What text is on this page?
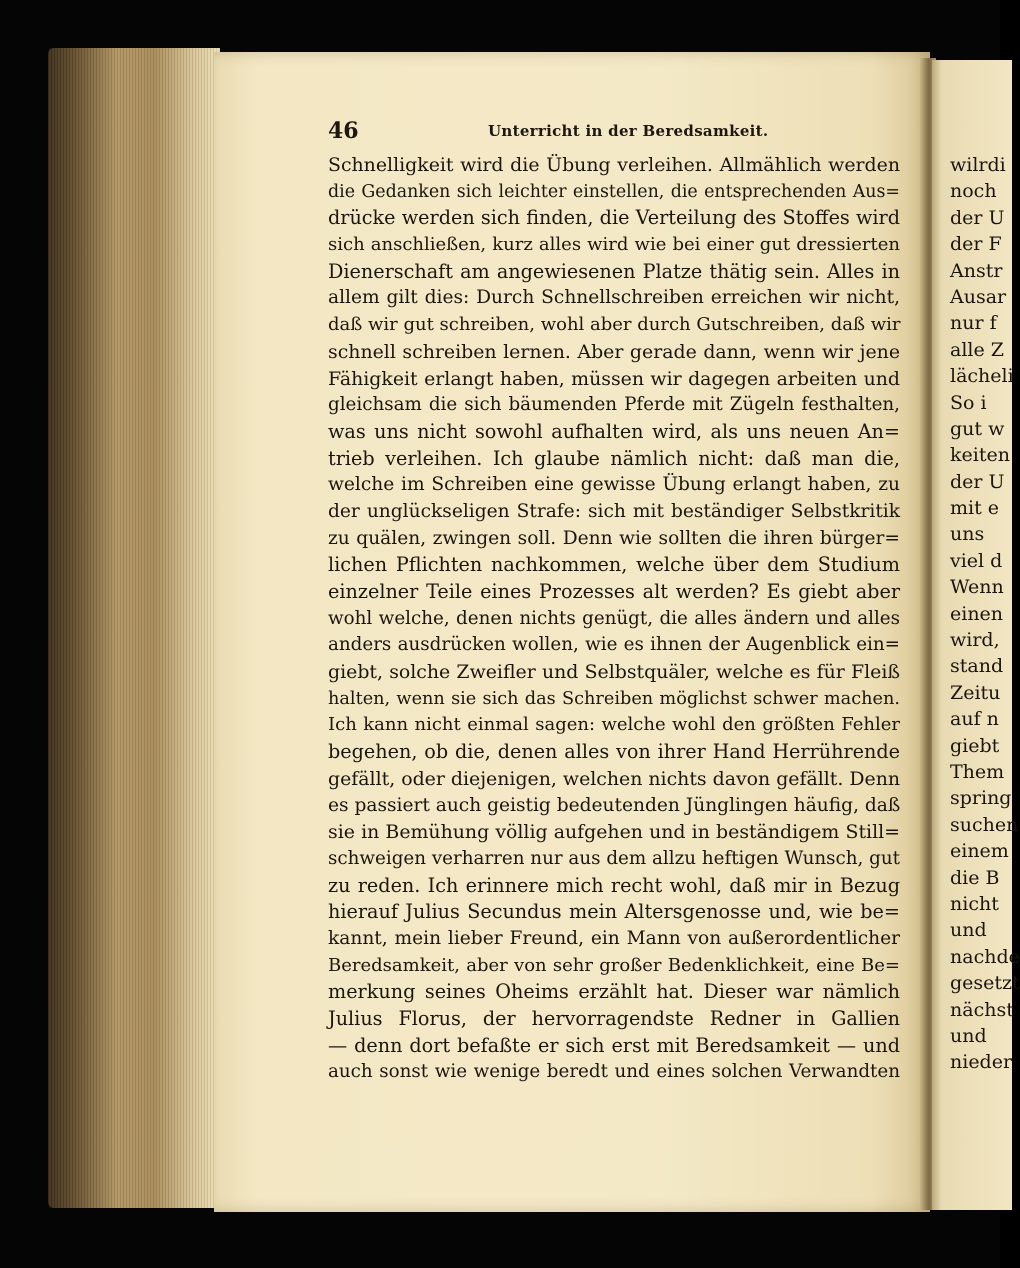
46	Unterricht in der Beredsamkeit.
Schnelligkeit wird die Übung verleihen. Allmählich werden
die Gedanken sich leichter einstellen, die entsprechenden Aus=
drücke werden sich finden, die Verteilung des Stoffes wird
sich anschließen, kurz alles wird wie bei einer gut dressierten
Dienerschaft am angewiesenen Platze thätig sein. Alles in
allem gilt dies: Durch Schnellschreiben erreichen wir nicht,
daß wir gut schreiben, wohl aber durch Gutschreiben, daß wir
schnell schreiben lernen. Aber gerade dann, wenn wir jene
Fähigkeit erlangt haben, müssen wir dagegen arbeiten und
gleichsam die sich bäumenden Pferde mit Zügeln festhalten,
was uns nicht sowohl aufhalten wird, als uns neuen An=
trieb verleihen. Ich glaube nämlich nicht: daß man die,
welche im Schreiben eine gewisse Übung erlangt haben, zu
der unglückseligen Strafe: sich mit beständiger Selbstkritik
zu quälen, zwingen soll. Denn wie sollten die ihren bürger=
lichen Pflichten nachkommen, welche über dem Studium
einzelner Teile eines Prozesses alt werden? Es giebt aber
wohl welche, denen nichts genügt, die alles ändern und alles
anders ausdrücken wollen, wie es ihnen der Augenblick ein=
giebt, solche Zweifler und Selbstquäler, welche es für Fleiß
halten, wenn sie sich das Schreiben möglichst schwer machen.
Ich kann nicht einmal sagen: welche wohl den größten Fehler
begehen, ob die, denen alles von ihrer Hand Herrührende
gefällt, oder diejenigen, welchen nichts davon gefällt. Denn
es passiert auch geistig bedeutenden Jünglingen häufig, daß
sie in Bemühung völlig aufgehen und in beständigem Still=
schweigen verharren nur aus dem allzu heftigen Wunsch, gut
zu reden. Ich erinnere mich recht wohl, daß mir in Bezug
hierauf Julius Secundus mein Altersgenosse und, wie be=
kannt, mein lieber Freund, ein Mann von außerordentlicher
Beredsamkeit, aber von sehr großer Bedenklichkeit, eine Be=
merkung seines Oheims erzählt hat. Dieser war nämlich
Julius Florus, der hervorragendste Redner in Gallien
— denn dort befaßte er sich erst mit Beredsamkeit — und
auch sonst wie wenige beredt und eines solchen Verwandten
wilrdi
noch
der U
der F
Anstr
Ausar
nur f
alle Z
lächeli
So i
gut w
keiten
der U
mit e
uns
viel d
Wenn
einen
wird,
stand
Zeitu
auf n
giebt
Them
spring
suchen
einem
die B
nicht
und
nachde
gesetzt
nächst
und
nieder
